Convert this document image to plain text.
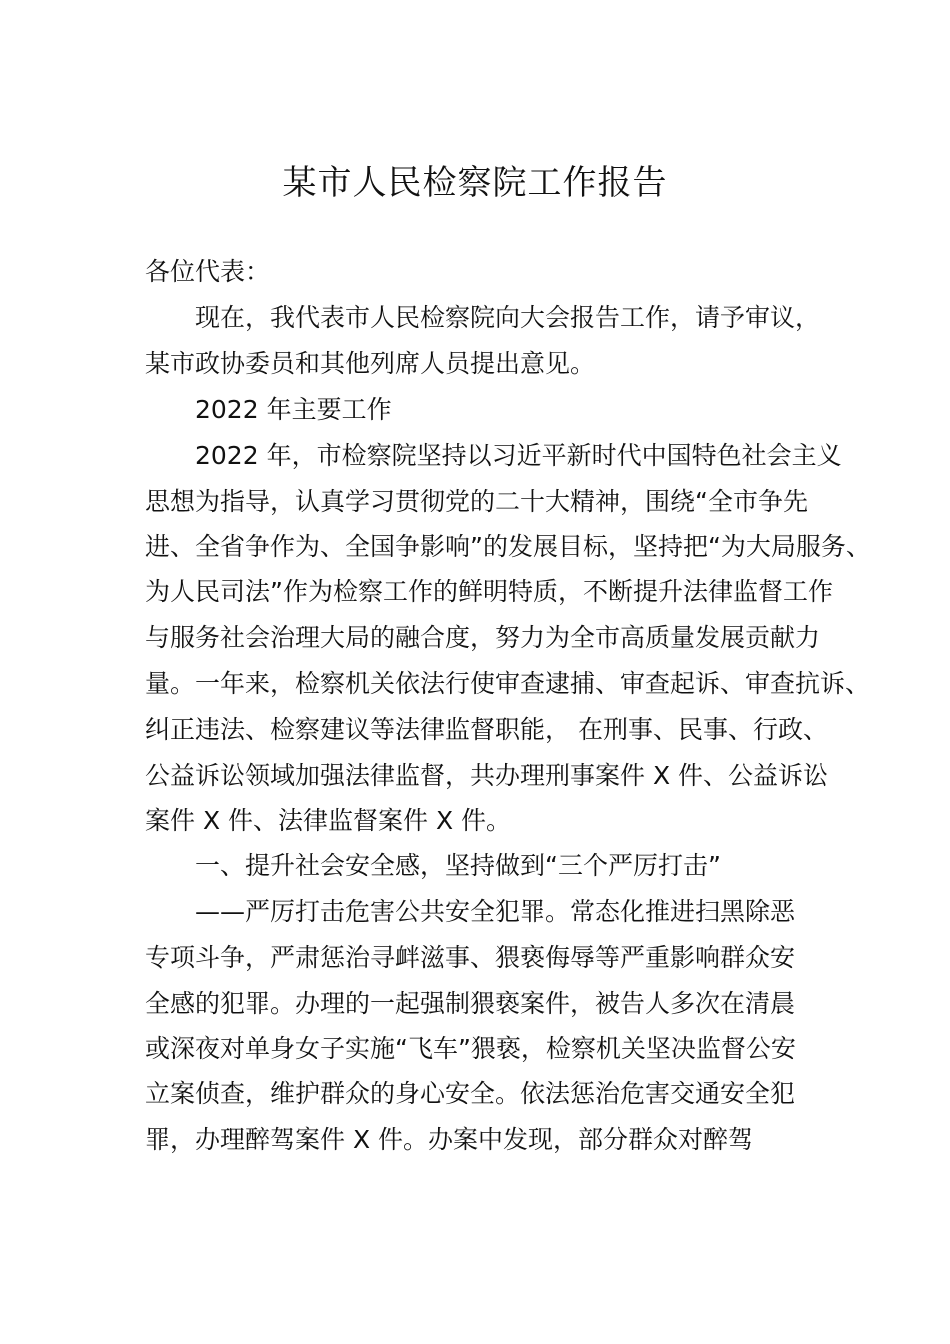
某市人民检察院工作报告
各位代表：
现在，我代表市人民检察院向大会报告工作，请予审议，
某市政协委员和其他列席人员提出意见。
2022 年主要工作
2022 年，市检察院坚持以习近平新时代中国特色社会主义
思想为指导，认真学习贯彻党的二十大精神，围绕“全市争先
进、全省争作为、全国争影响”的发展目标，坚持把“为大局服务、
为人民司法”作为检察工作的鲜明特质，不断提升法律监督工作
与服务社会治理大局的融合度，努力为全市高质量发展贡献力
量。一年来，检察机关依法行使审查逮捕、审查起诉、审查抗诉、
纠正违法、检察建议等法律监督职能， 在刑事、民事、行政、
公益诉讼领域加强法律监督，共办理刑事案件 X 件、公益诉讼
案件 X 件、法律监督案件 X 件。
一、提升社会安全感，坚持做到“三个严厉打击”
——严厉打击危害公共安全犯罪。常态化推进扫黑除恶
专项斗争，严肃惩治寻衅滋事、猥亵侮辱等严重影响群众安
全感的犯罪。办理的一起强制猥亵案件，被告人多次在清晨
或深夜对单身女子实施“飞车”猥亵，检察机关坚决监督公安
立案侦查，维护群众的身心安全。依法惩治危害交通安全犯
罪，办理醉驾案件 X 件。办案中发现，部分群众对醉驾
